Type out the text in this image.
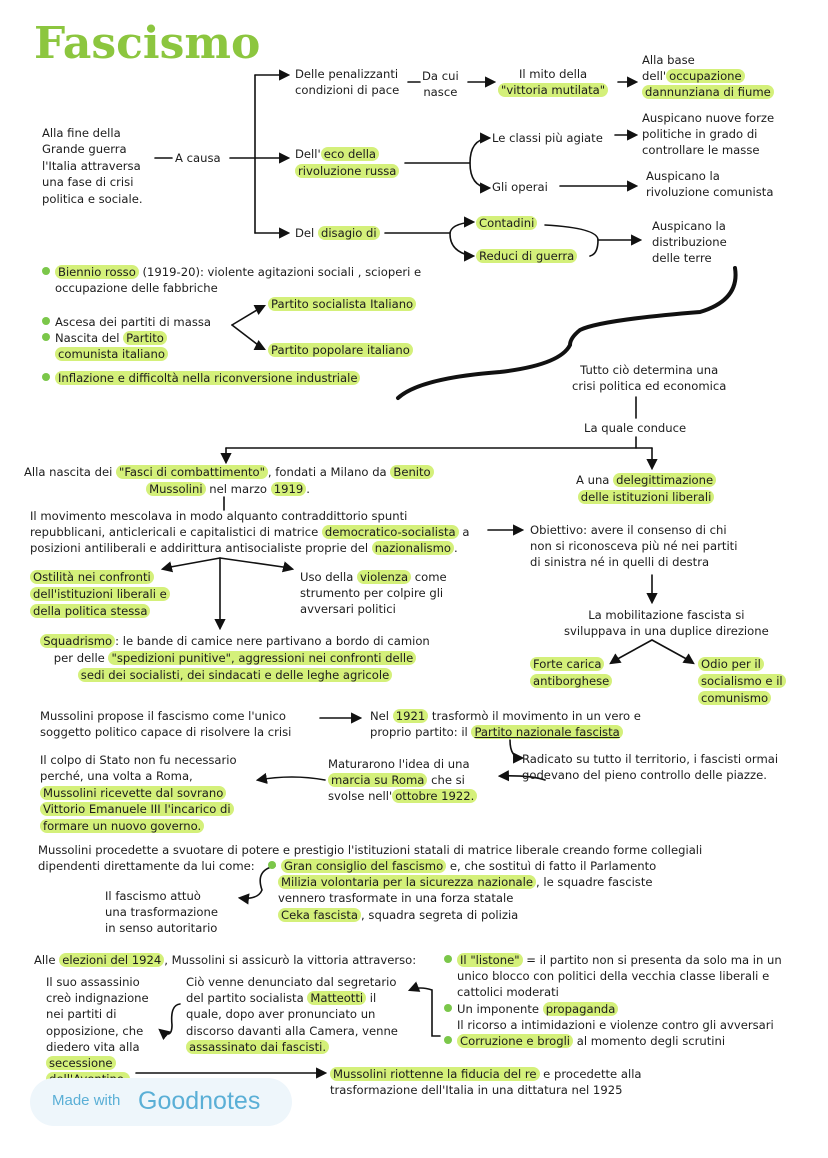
Fascismo
Alla fine della
Grande guerra
l'Italia attraversa
una fase di crisi
politica e sociale.
A causa
Delle penalizzanti
condizioni di pace
Da cui
nasce
Il mito della
"vittoria mutilata"
Alla base
dell' occupazione
dannunziana di fiume
Dell' eco della
rivoluzione russa
Le classi più agiate
Auspicano nuove forze
politiche in grado di
controllare le masse
Gli operai
Auspicano la
rivoluzione comunista
Del disagio di
Contadini
Reduci di guerra
Auspicano la
distribuzione
delle terre
Biennio rosso (1919-20): violente agitazioni sociali , scioperi e
occupazione delle fabbriche
Ascesa dei partiti di massa
Nascita del Partito
comunista italiano
Partito socialista Italiano
Partito popolare italiano
Inflazione e difficoltà nella riconversione industriale
Tutto ciò determina una
crisi politica ed economica
La quale conduce
A una delegittimazione
delle istituzioni liberali
Alla nascita dei "Fasci di combattimento" , fondati a Milano da Benito
Mussolini nel marzo 1919 .
Il movimento mescolava in modo alquanto contraddittorio spunti
repubblicani, anticlericali e capitalistici di matrice democratico-socialista a
posizioni antiliberali e addirittura antisocialiste proprie del nazionalismo .
Obiettivo: avere il consenso di chi
non si riconosceva più né nei partiti
di sinistra né in quelli di destra
Ostilità nei confronti
dell'istituzioni liberali e
della politica stessa
Uso della violenza come
strumento per colpire gli
avversari politici	La mobilitazione fascista si
sviluppava in una duplice direzione
Forte carica
antiborghese
Odio per il
socialismo e il
comunismo
Squadrismo : le bande di camice nere partivano a bordo di camion
per delle "spedizioni punitive", aggressioni nei confronti delle
sedi dei socialisti, dei sindacati e delle leghe agricole
Mussolini propose il fascismo come l'unico
soggetto politico capace di risolvere la crisi
Nel 1921 trasformò il movimento in un vero e
proprio partito: il Partito nazionale fascista
Radicato su tutto il territorio, i fascisti ormai
godevano del pieno controllo delle piazze.
Il colpo di Stato non fu necessario
perché, una volta a Roma,
Mussolini ricevette dal sovrano
Vittorio Emanuele III l'incarico di
formare un nuovo governo.
Maturarono l'idea di una
marcia su Roma che si
svolse nell' ottobre 1922.
Mussolini procedette a svuotare di potere e prestigio l'istituzioni statali di matrice liberale creando forme collegiali
dipendenti direttamente da lui come:	Gran consiglio del fascismo e, che sostituì di fatto il Parlamento
Milizia volontaria per la sicurezza nazionale , le squadre fasciste
vennero trasformate in una forza statale
Ceka fascista , squadra segreta di polizia
Il fascismo attuò
una trasformazione
in senso autoritario
Alle elezioni del 1924 , Mussolini si assicurò la vittoria attraverso:	Il "listone" = il partito non si presenta da solo ma in un
unico blocco con politici della vecchia classe liberali e
cattolici moderati
Un imponente propaganda
Il ricorso a intimidazioni e violenze contro gli avversari
Corruzione e brogli al momento degli scrutini
Ciò venne denunciato dal segretario
del partito socialista Matteotti il
quale, dopo aver pronunciato un
discorso davanti alla Camera, venne
assassinato dai fascisti.
Il suo assassinio
creò indignazione
nei partiti di
opposizione, che
diedero vita alla
secessione
Mussolini riottenne la fiducia del re e procedette alla
trasformazione dell'Italia in una dittatura nel 1925
Made with Goodnotes
